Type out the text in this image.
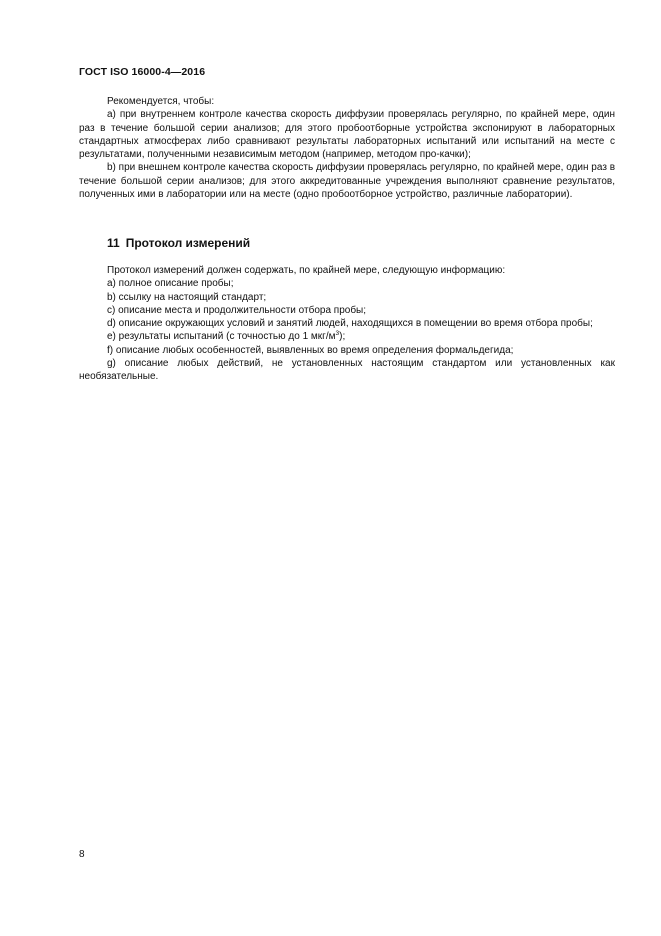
ГОСТ ISO 16000-4—2016

Рекомендуется, чтобы:

a) при внутреннем контроле качества скорость диффузии проверялась регулярно, по крайней мере, один раз в течение большой серии анализов; для этого пробоотборные устройства экспонируют в лабораторных стандартных атмосферах либо сравнивают результаты лабораторных испытаний или испытаний на месте с результатами, полученными независимым методом (например, методом про-качки);

b) при внешнем контроле качества скорость диффузии проверялась регулярно, по крайней мере, один раз в течение большой серии анализов; для этого аккредитованные учреждения выполняют сравнение результатов, полученных ими в лаборатории или на месте (одно пробоотборное устройство, различные лаборатории).

11 Протокол измерений

Протокол измерений должен содержать, по крайней мере, следующую информацию:

a) полное описание пробы;

b) ссылку на настоящий стандарт;

c) описание места и продолжительности отбора пробы;

d) описание окружающих условий и занятий людей, находящихся в помещении во время отбора пробы;

e) результаты испытаний (с точностью до 1 мкг/$м^3$);

f) описание любых особенностей, выявленных во время определения формальдегида;

g) описание любых действий, не установленных настоящим стандартом или установленных как необязательные.

8
